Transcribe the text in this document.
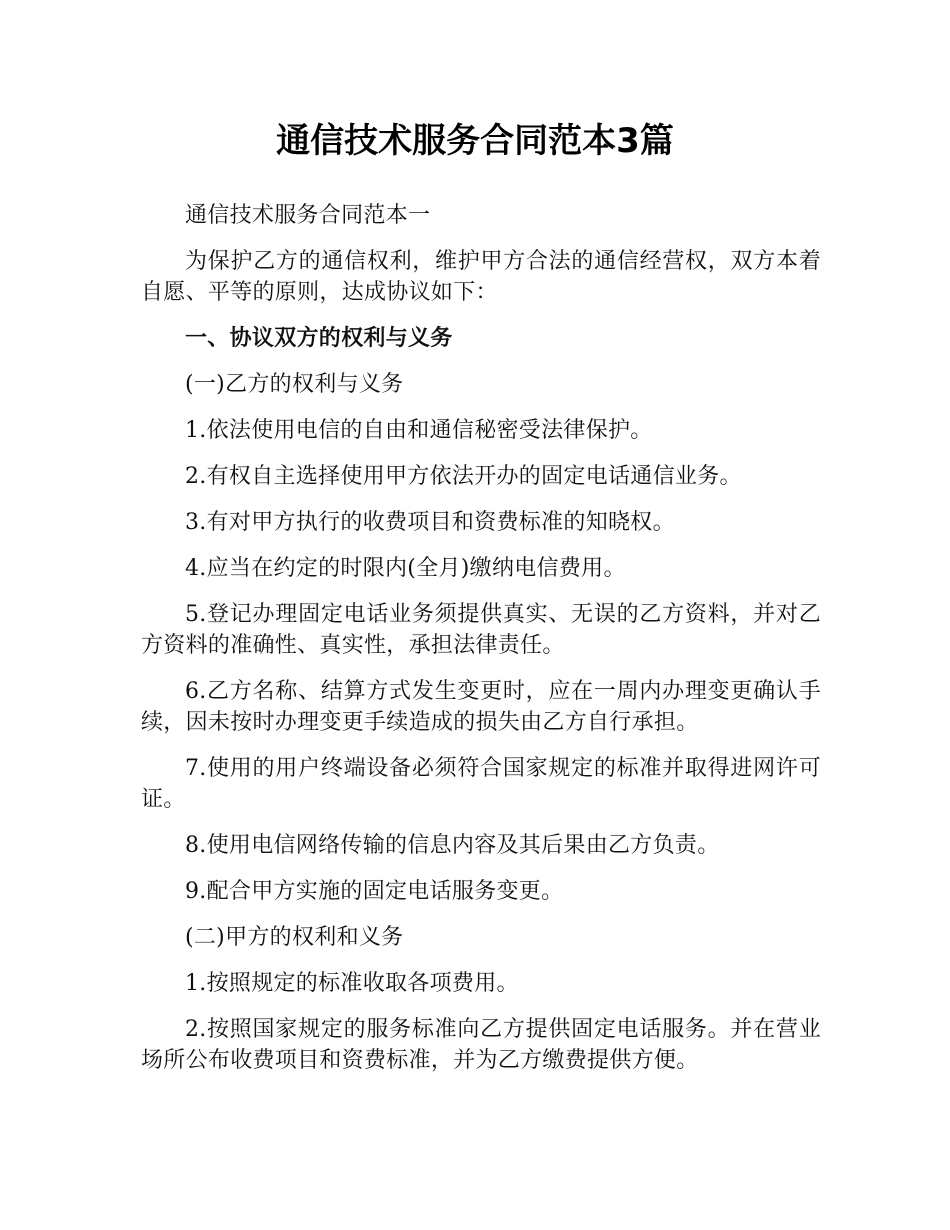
通信技术服务合同范本3篇

通信技术服务合同范本一

为保护乙方的通信权利，维护甲方合法的通信经营权，双方本着自愿、平等的原则，达成协议如下：

一、协议双方的权利与义务

(一)乙方的权利与义务

1.依法使用电信的自由和通信秘密受法律保护。

2.有权自主选择使用甲方依法开办的固定电话通信业务。

3.有对甲方执行的收费项目和资费标准的知晓权。

4.应当在约定的时限内(全月)缴纳电信费用。

5.登记办理固定电话业务须提供真实、无误的乙方资料，并对乙方资料的准确性、真实性，承担法律责任。

6.乙方名称、结算方式发生变更时，应在一周内办理变更确认手续，因未按时办理变更手续造成的损失由乙方自行承担。

7.使用的用户终端设备必须符合国家规定的标准并取得进网许可证。

8.使用电信网络传输的信息内容及其后果由乙方负责。

9.配合甲方实施的固定电话服务变更。

(二)甲方的权利和义务

1.按照规定的标准收取各项费用。

2.按照国家规定的服务标准向乙方提供固定电话服务。并在营业场所公布收费项目和资费标准，并为乙方缴费提供方便。
